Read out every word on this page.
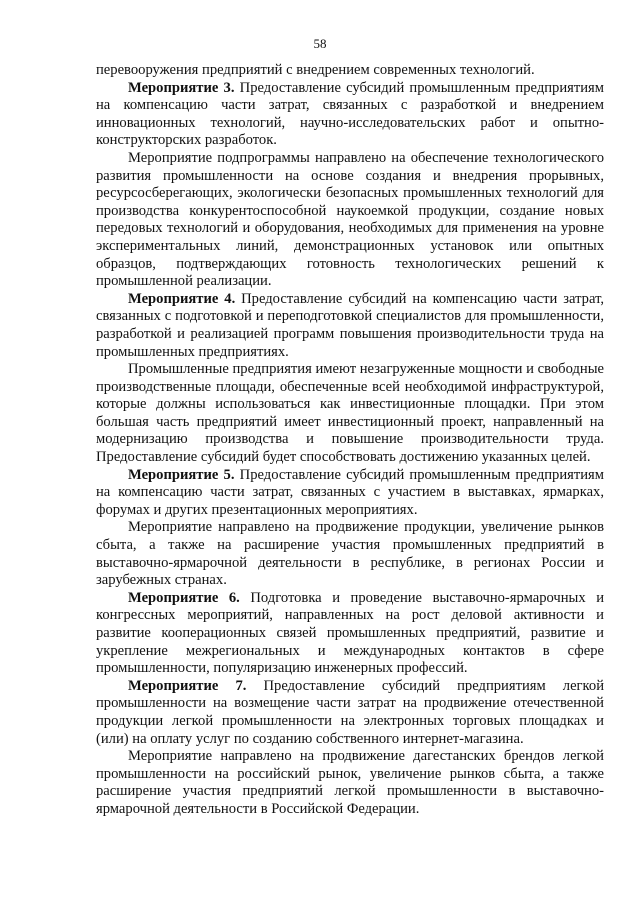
58

перевооружения предприятий с внедрением современных технологий.

Мероприятие 3. Предоставление субсидий промышленным предприятиям на компенсацию части затрат, связанных с разработкой и внедрением инновационных технологий, научно-исследовательских работ и опытно-конструкторских разработок.

Мероприятие подпрограммы направлено на обеспечение технологического развития промышленности на основе создания и внедрения прорывных, ресурсосберегающих, экологически безопасных промышленных технологий для производства конкурентоспособной наукоемкой продукции, создание новых передовых технологий и оборудования, необходимых для применения на уровне экспериментальных линий, демонстрационных установок или опытных образцов, подтверждающих готовность технологических решений к промышленной реализации.

Мероприятие 4. Предоставление субсидий на компенсацию части затрат, связанных с подготовкой и переподготовкой специалистов для промышленности, разработкой и реализацией программ повышения производительности труда на промышленных предприятиях.

Промышленные предприятия имеют незагруженные мощности и свободные производственные площади, обеспеченные всей необходимой инфраструктурой, которые должны использоваться как инвестиционные площадки. При этом большая часть предприятий имеет инвестиционный проект, направленный на модернизацию производства и повышение производительности труда. Предоставление субсидий будет способствовать достижению указанных целей.

Мероприятие 5. Предоставление субсидий промышленным предприятиям на компенсацию части затрат, связанных с участием в выставках, ярмарках, форумах и других презентационных мероприятиях.

Мероприятие направлено на продвижение продукции, увеличение рынков сбыта, а также на расширение участия промышленных предприятий в выставочно-ярмарочной деятельности в республике, в регионах России и зарубежных странах.

Мероприятие 6. Подготовка и проведение выставочно-ярмарочных и конгрессных мероприятий, направленных на рост деловой активности и развитие кооперационных связей промышленных предприятий, развитие и укрепление межрегиональных и международных контактов в сфере промышленности, популяризацию инженерных профессий.

Мероприятие 7. Предоставление субсидий предприятиям легкой промышленности на возмещение части затрат на продвижение отечественной продукции легкой промышленности на электронных торговых площадках и (или) на оплату услуг по созданию собственного интернет-магазина.

Мероприятие направлено на продвижение дагестанских брендов легкой промышленности на российский рынок, увеличение рынков сбыта, а также расширение участия предприятий легкой промышленности в выставочно-ярмарочной деятельности в Российской Федерации.
